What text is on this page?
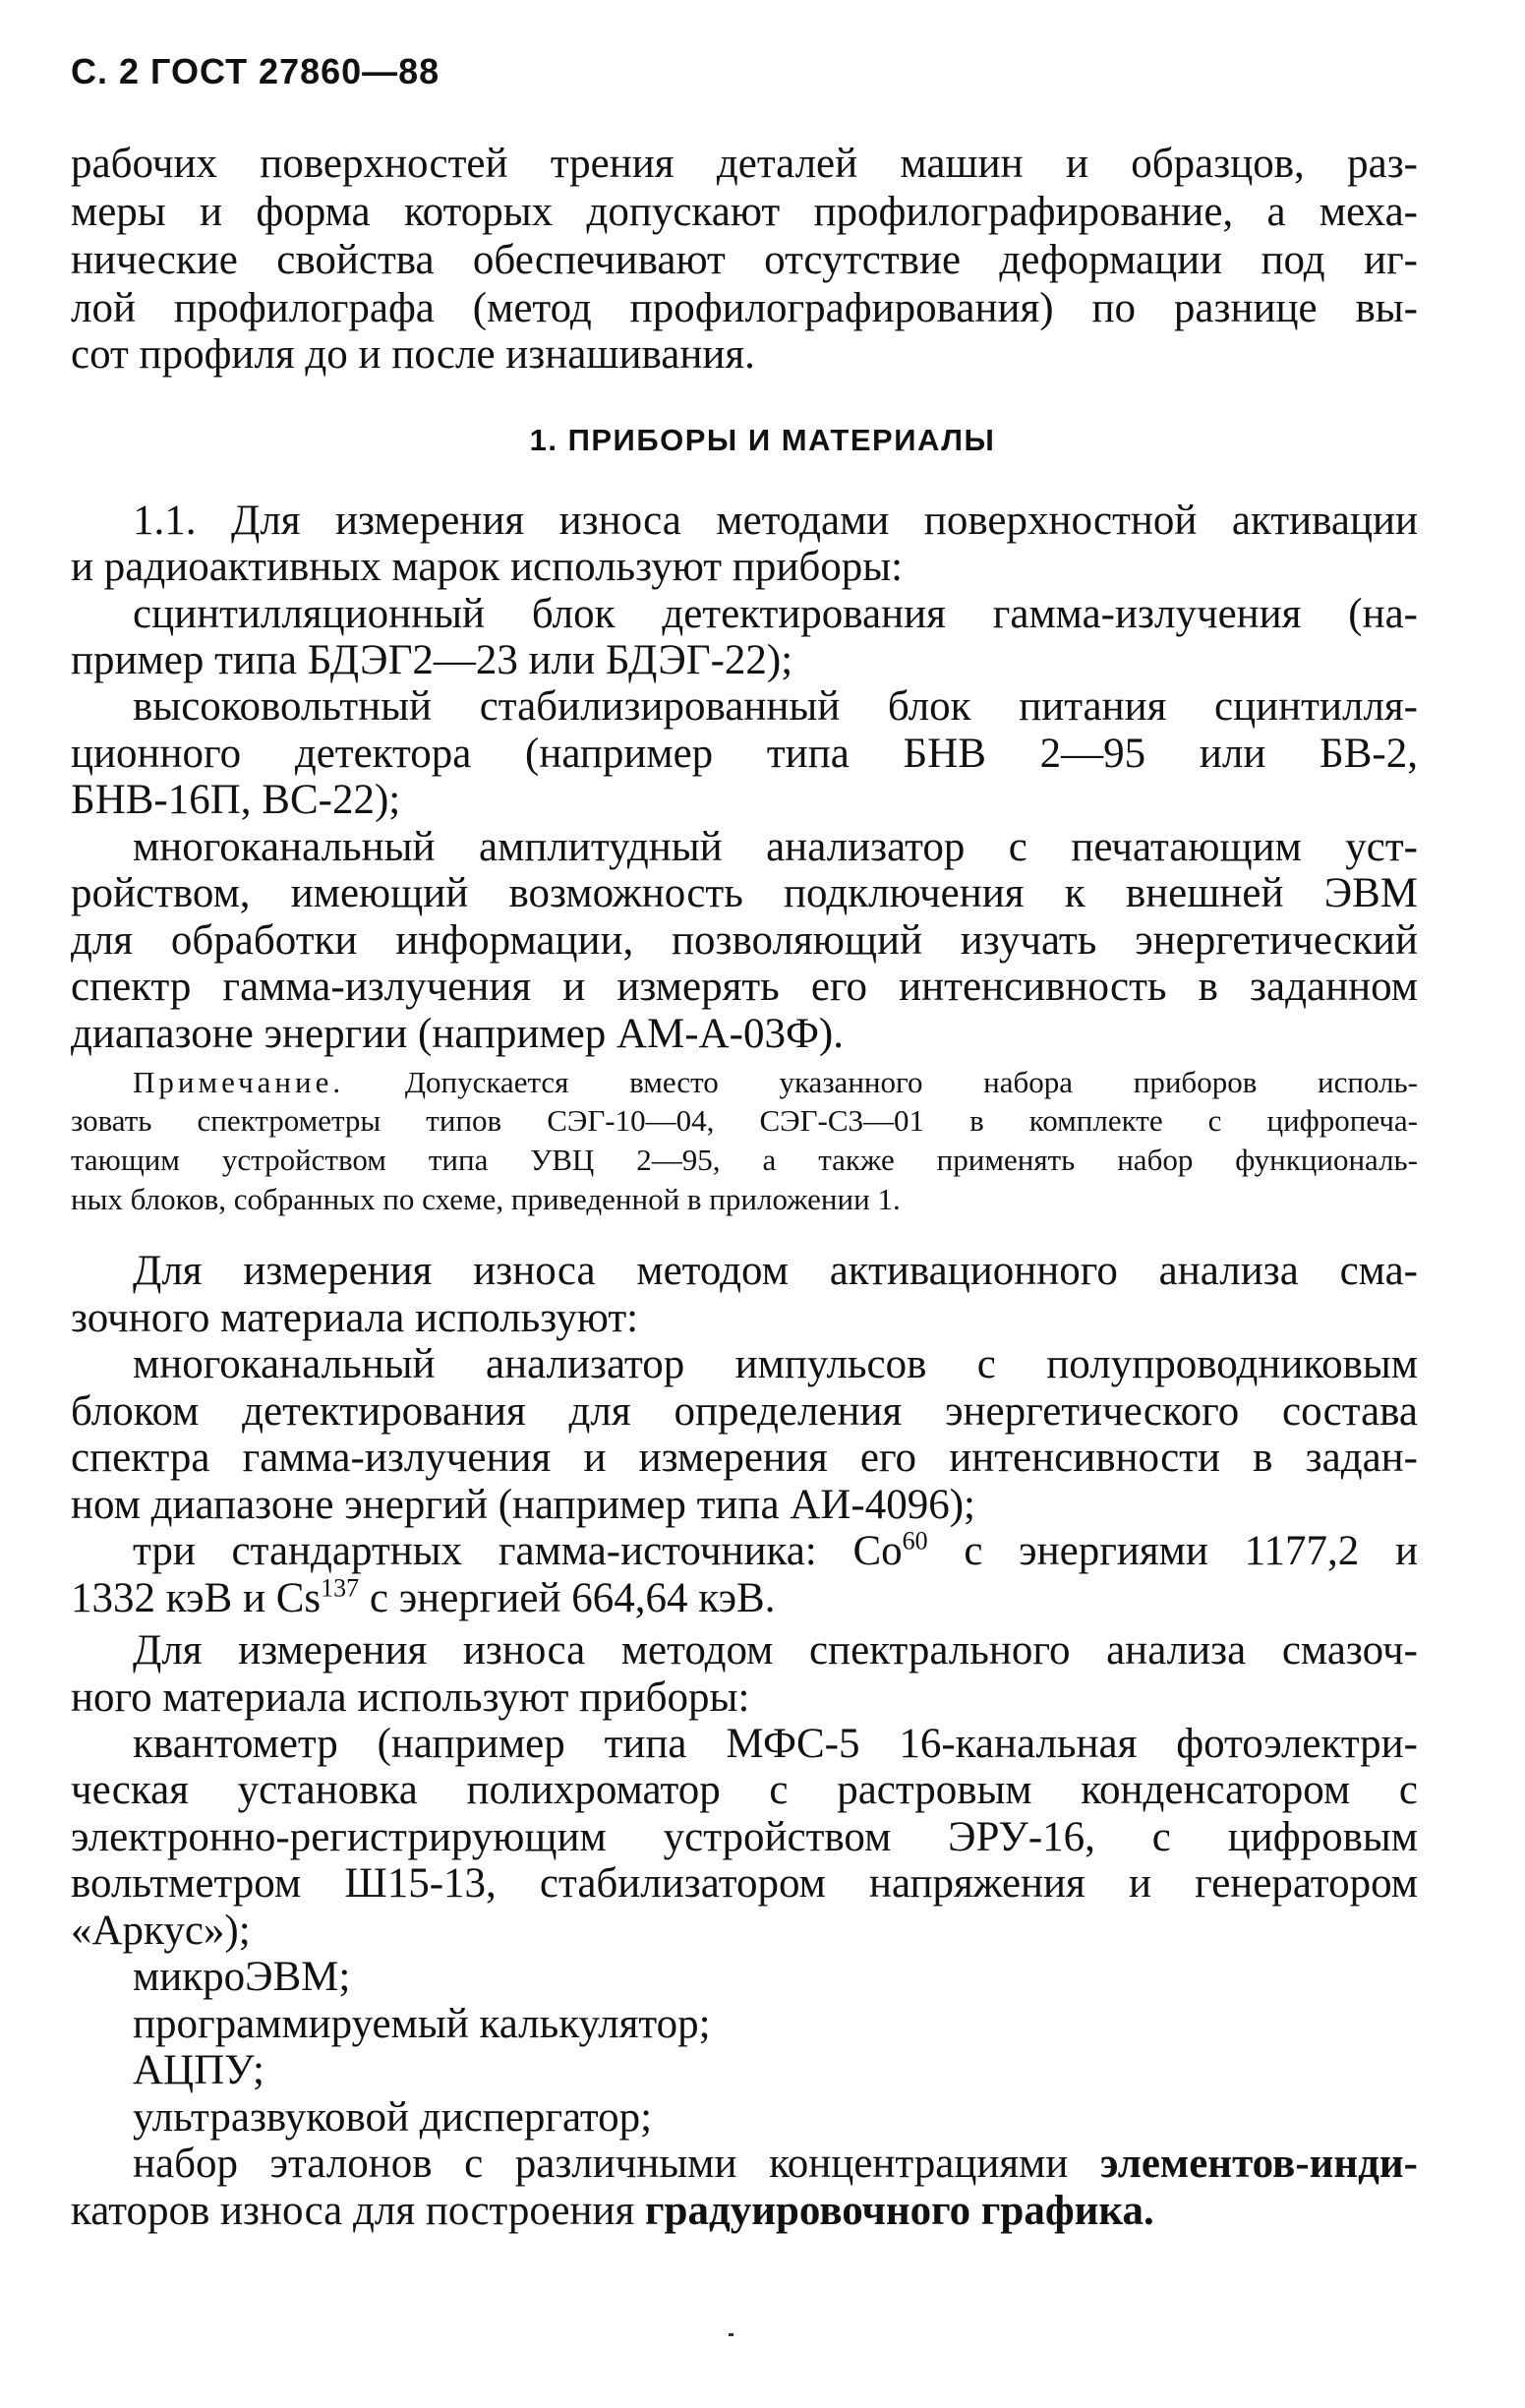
С. 2 ГОСТ 27860—88
рабочих поверхностей трения деталей машин и образцов, раз-
меры и форма которых допускают профилографирование, а меха-
нические свойства обеспечивают отсутствие деформации под иг-
лой профилографа (метод профилографирования) по разнице вы-
сот профиля до и после изнашивания.
1. ПРИБОРЫ И МАТЕРИАЛЫ
1.1. Для измерения износа методами поверхностной активации
и радиоактивных марок используют приборы:
сцинтилляционный блок детектирования гамма-излучения (на-
пример типа БДЭГ2—23 или БДЭГ-22);
высоковольтный стабилизированный блок питания сцинтилля-
ционного детектора (например типа БНВ 2—95 или БВ-2,
БНВ-16П, ВС-22);
многоканальный амплитудный анализатор с печатающим уст-
ройством, имеющий возможность подключения к внешней ЭВМ
для обработки информации, позволяющий изучать энергетический
спектр гамма-излучения и измерять его интенсивность в заданном
диапазоне энергии (например АМ-А-03Ф).
Примечание. Допускается вместо указанного набора приборов исполь-
зовать спектрометры типов СЭГ-10—04, СЭГ-С3—01 в комплекте с цифропеча-
тающим устройством типа УВЦ 2—95, а также применять набор функциональ-
ных блоков, собранных по схеме, приведенной в приложении 1.
Для измерения износа методом активационного анализа сма-
зочного материала используют:
многоканальный анализатор импульсов с полупроводниковым
блоком детектирования для определения энергетического состава
спектра гамма-излучения и измерения его интенсивности в задан-
ном диапазоне энергий (например типа АИ-4096);
три стандартных гамма-источника: Co$^{60}$ с энергиями 1177,2 и
1332 кэВ и Cs$^{137}$ с энергией 664,64 кэВ.
Для измерения износа методом спектрального анализа смазоч-
ного материала используют приборы:
квантометр (например типа МФС-5 16-канальная фотоэлектри-
ческая установка полихроматор с растровым конденсатором с
электронно-регистрирующим устройством ЭРУ-16, с цифровым
вольтметром Ш15-13, стабилизатором напряжения и генератором
«Аркус»);
микроЭВМ;
программируемый калькулятор;
АЦПУ;
ультразвуковой диспергатор;
набор эталонов с различными концентрациями элементов-инди-
каторов износа для построения градуировочного графика.
